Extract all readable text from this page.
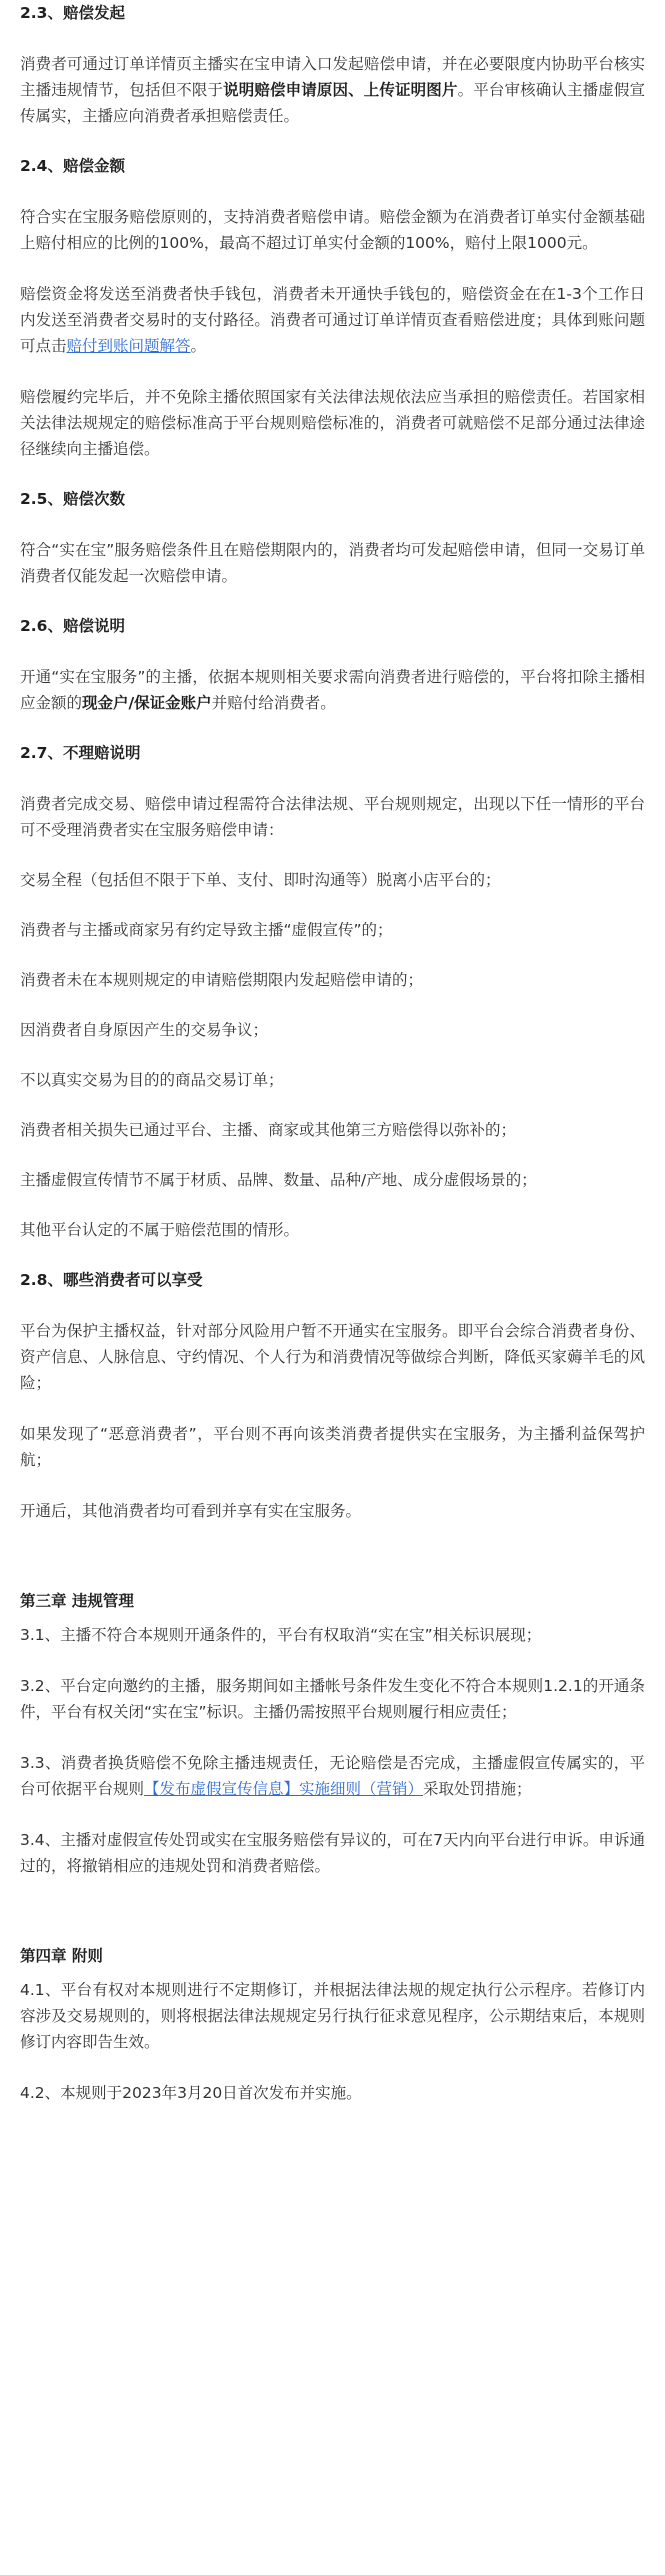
2.3、赔偿发起

消费者可通过订单详情页主播实在宝申请入口发起赔偿申请，并在必要限度内协助平台核实主播违规情节，包括但不限于说明赔偿申请原因、上传证明图片。平台审核确认主播虚假宣传属实，主播应向消费者承担赔偿责任。

2.4、赔偿金额

符合实在宝服务赔偿原则的，支持消费者赔偿申请。赔偿金额为在消费者订单实付金额基础上赔付相应的比例的100%，最高不超过订单实付金额的100%，赔付上限1000元。

赔偿资金将发送至消费者快手钱包，消费者未开通快手钱包的，赔偿资金在在1-3个工作日内发送至消费者交易时的支付路径。消费者可通过订单详情页查看赔偿进度；具体到账问题可点击赔付到账问题解答。

赔偿履约完毕后，并不免除主播依照国家有关法律法规依法应当承担的赔偿责任。若国家相关法律法规规定的赔偿标准高于平台规则赔偿标准的，消费者可就赔偿不足部分通过法律途径继续向主播追偿。

2.5、赔偿次数

符合“实在宝”服务赔偿条件且在赔偿期限内的，消费者均可发起赔偿申请，但同一交易订单消费者仅能发起一次赔偿申请。

2.6、赔偿说明

开通“实在宝服务”的主播，依据本规则相关要求需向消费者进行赔偿的，平台将扣除主播相应金额的现金户/保证金账户并赔付给消费者。

2.7、不理赔说明

消费者完成交易、赔偿申请过程需符合法律法规、平台规则规定，出现以下任一情形的平台可不受理消费者实在宝服务赔偿申请：

交易全程（包括但不限于下单、支付、即时沟通等）脱离小店平台的；

消费者与主播或商家另有约定导致主播“虚假宣传”的；

消费者未在本规则规定的申请赔偿期限内发起赔偿申请的；

因消费者自身原因产生的交易争议；

不以真实交易为目的的商品交易订单；

消费者相关损失已通过平台、主播、商家或其他第三方赔偿得以弥补的；

主播虚假宣传情节不属于材质、品牌、数量、品种/产地、成分虚假场景的；

其他平台认定的不属于赔偿范围的情形。

2.8、哪些消费者可以享受

平台为保护主播权益，针对部分风险用户暂不开通实在宝服务。即平台会综合消费者身份、资产信息、人脉信息、守约情况、个人行为和消费情况等做综合判断，降低买家薅羊毛的风险；

如果发现了“恶意消费者”，平台则不再向该类消费者提供实在宝服务，为主播利益保驾护航；

开通后，其他消费者均可看到并享有实在宝服务。

第三章 违规管理

3.1、主播不符合本规则开通条件的，平台有权取消“实在宝”相关标识展现；

3.2、平台定向邀约的主播，服务期间如主播帐号条件发生变化不符合本规则1.2.1的开通条件，平台有权关闭“实在宝”标识。主播仍需按照平台规则履行相应责任；

3.3、消费者换货赔偿不免除主播违规责任，无论赔偿是否完成，主播虚假宣传属实的，平台可依据平台规则【发布虚假宣传信息】实施细则（营销）采取处罚措施；

3.4、主播对虚假宣传处罚或实在宝服务赔偿有异议的，可在7天内向平台进行申诉。申诉通过的，将撤销相应的违规处罚和消费者赔偿。

第四章 附则

4.1、平台有权对本规则进行不定期修订，并根据法律法规的规定执行公示程序。若修订内容涉及交易规则的，则将根据法律法规规定另行执行征求意见程序，公示期结束后，本规则修订内容即告生效。

4.2、本规则于2023年3月20日首次发布并实施。
